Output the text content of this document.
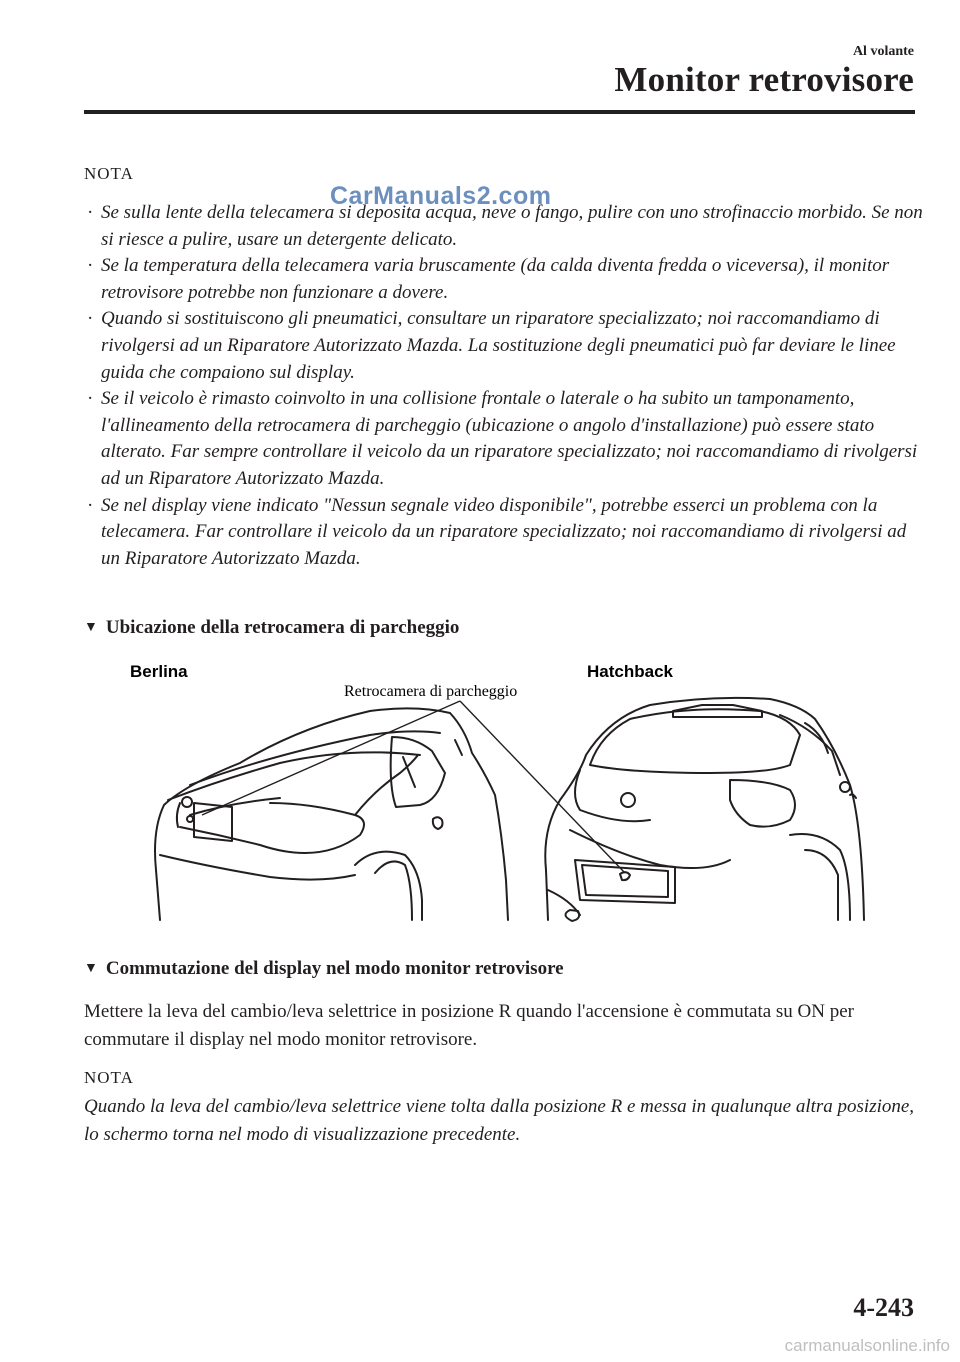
Al volante
Monitor retrovisore
CarManuals2.com
NOTA
· Se sulla lente della telecamera si deposita acqua, neve o fango, pulire con uno strofinaccio morbido. Se non si riesce a pulire, usare un detergente delicato.
· Se la temperatura della telecamera varia bruscamente (da calda diventa fredda o viceversa), il monitor retrovisore potrebbe non funzionare a dovere.
· Quando si sostituiscono gli pneumatici, consultare un riparatore specializzato; noi raccomandiamo di rivolgersi ad un Riparatore Autorizzato Mazda. La sostituzione degli pneumatici può far deviare le linee guida che compaiono sul display.
· Se il veicolo è rimasto coinvolto in una collisione frontale o laterale o ha subito un tamponamento, l'allineamento della retrocamera di parcheggio (ubicazione o angolo d'installazione) può essere stato alterato. Far sempre controllare il veicolo da un riparatore specializzato; noi raccomandiamo di rivolgersi ad un Riparatore Autorizzato Mazda.
· Se nel display viene indicato "Nessun segnale video disponibile", potrebbe esserci un problema con la telecamera. Far controllare il veicolo da un riparatore specializzato; noi raccomandiamo di rivolgersi ad un Riparatore Autorizzato Mazda.
▼ Ubicazione della retrocamera di parcheggio
Berlina	Hatchback
Retrocamera di parcheggio
▼ Commutazione del display nel modo monitor retrovisore
Mettere la leva del cambio/leva selettrice in posizione R quando l'accensione è commutata su ON per commutare il display nel modo monitor retrovisore.
NOTA
Quando la leva del cambio/leva selettrice viene tolta dalla posizione R e messa in qualunque altra posizione, lo schermo torna nel modo di visualizzazione precedente.
4-243
carmanualsonline.info
